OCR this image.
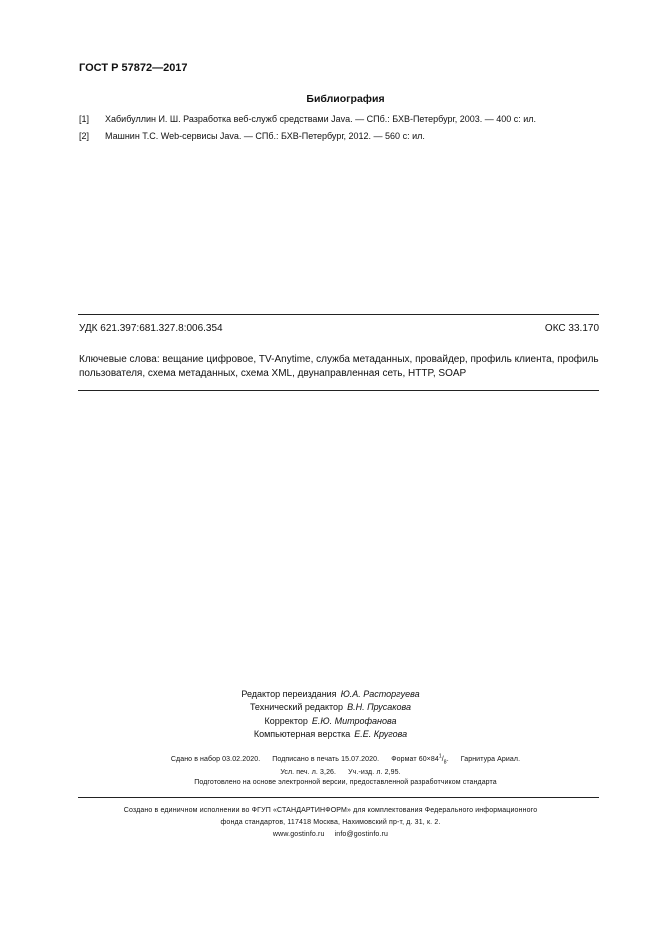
ГОСТ Р 57872—2017
Библиография
[1] Хабибуллин И. Ш. Разработка веб-служб средствами Java. — СПб.: БХВ-Петербург, 2003. — 400 с: ил.
[2] Машнин Т.С. Web-сервисы Java. — СПб.: БХВ-Петербург, 2012. — 560 с: ил.
УДК 621.397:681.327.8:006.354	ОКС 33.170
Ключевые слова: вещание цифровое, TV-Anytime, служба метаданных, провайдер, профиль клиента, профиль пользователя, схема метаданных, схема XML, двунаправленная сеть, HTTP, SOAP
Редактор переиздания Ю.А. Расторгуева
Технический редактор В.Н. Прусакова
Корректор Е.Ю. Митрофанова
Компьютерная верстка Е.Е. Кругова
Сдано в набор 03.02.2020. Подписано в печать 15.07.2020. Формат $60\times 84^1/_8$. Гарнитура Ариал.
Усл. печ. л. 3,26. Уч.-изд. л. 2,95.
Подготовлено на основе электронной версии, предоставленной разработчиком стандарта
Создано в единичном исполнении во ФГУП «СТАНДАРТИНФОРМ» для комплектования Федерального информационного
фонда стандартов, 117418 Москва, Нахимовский пр-т, д. 31, к. 2.
www.gostinfo.ru info@gostinfo.ru
